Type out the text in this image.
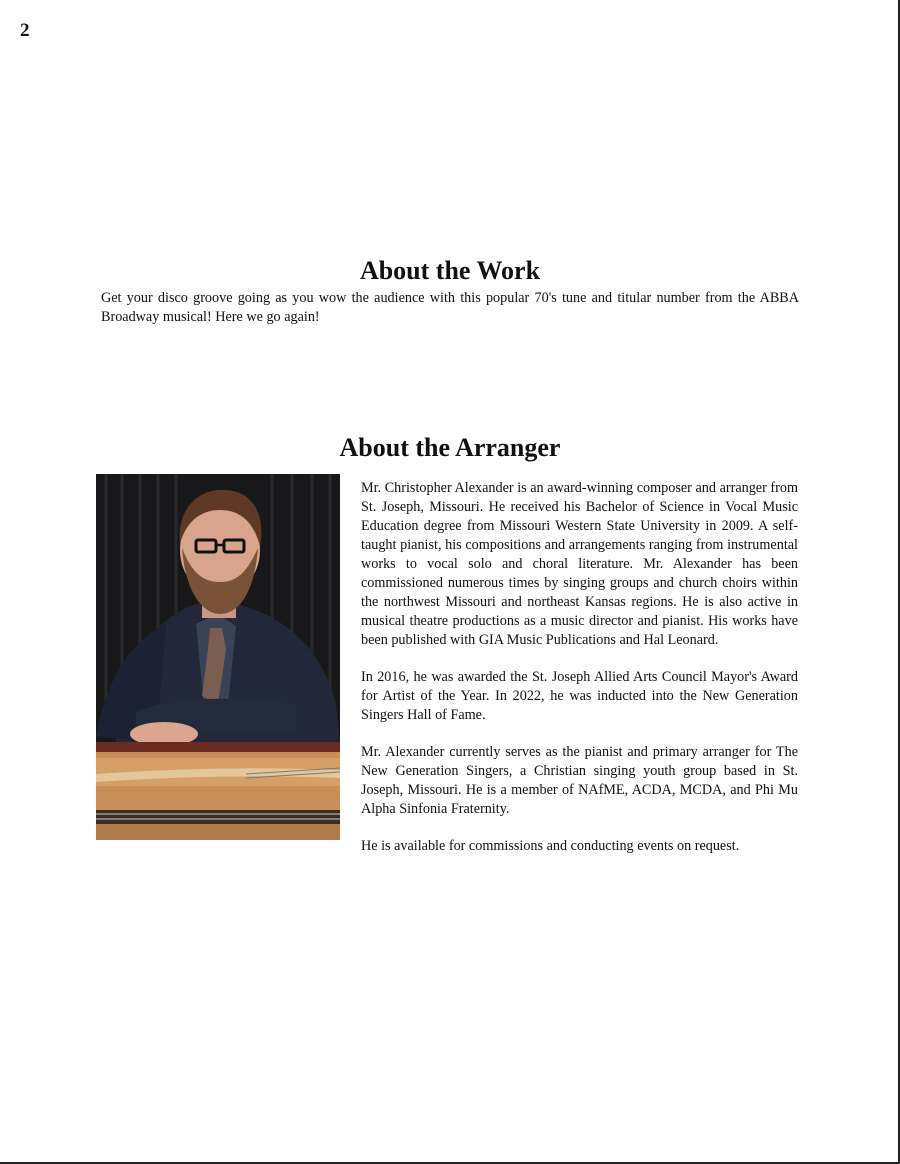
2
About the Work

Get your disco groove going as you wow the audience with this popular 70's tune and titular number from the ABBA Broadway musical! Here we go again!

About the Arranger

Mr. Christopher Alexander is an award-winning composer and arranger from St. Joseph, Missouri. He received his Bachelor of Science in Vocal Music Education degree from Missouri Western State University in 2009. A self-taught pianist, his compositions and arrangements ranging from instrumental works to vocal solo and choral literature. Mr. Alexander has been commissioned numerous times by singing groups and church choirs within the northwest Missouri and northeast Kansas regions. He is also active in musical theatre productions as a music director and pianist. His works have been published with GIA Music Publications and Hal Leonard.

In 2016, he was awarded the St. Joseph Allied Arts Council Mayor's Award for Artist of the Year. In 2022, he was inducted into the New Generation Singers Hall of Fame.

Mr. Alexander currently serves as the pianist and primary arranger for The New Generation Singers, a Christian singing youth group based in St. Joseph, Missouri. He is a member of NAfME, ACDA, MCDA, and Phi Mu Alpha Sinfonia Fraternity.

He is available for commissions and conducting events on request.
